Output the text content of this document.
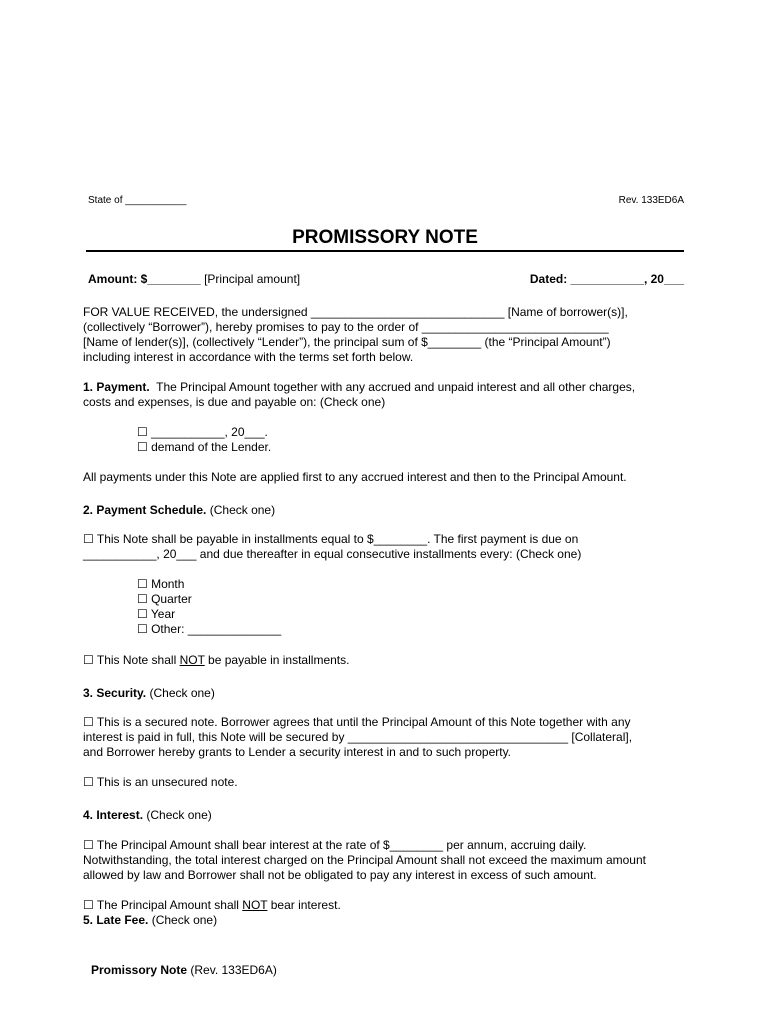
State of ___________	Rev. 133ED6A
PROMISSORY NOTE
Amount: $________ [Principal amount]	Dated: ___________, 20___

FOR VALUE RECEIVED, the undersigned _____________________________ [Name of borrower(s)],

(collectively “Borrower”), hereby promises to pay to the order of ____________________________

[Name of lender(s)], (collectively “Lender”), the principal sum of $________ (the “Principal Amount”)

including interest in accordance with the terms set forth below.

1. Payment. The Principal Amount together with any accrued and unpaid interest and all other charges,

costs and expenses, is due and payable on: (Check one)

☐ ___________, 20___.

☐ demand of the Lender.

All payments under this Note are applied first to any accrued interest and then to the Principal Amount.

2. Payment Schedule. (Check one)

☐ This Note shall be payable in installments equal to $________. The first payment is due on

___________, 20___ and due thereafter in equal consecutive installments every: (Check one)

☐ Month

☐ Quarter

☐ Year

☐ Other: ______________

☐ This Note shall NOT be payable in installments.

3. Security. (Check one)

☐ This is a secured note. Borrower agrees that until the Principal Amount of this Note together with any

interest is paid in full, this Note will be secured by _________________________________ [Collateral],

and Borrower hereby grants to Lender a security interest in and to such property.

☐ This is an unsecured note.

4. Interest. (Check one)

☐ The Principal Amount shall bear interest at the rate of $________ per annum, accruing daily.

Notwithstanding, the total interest charged on the Principal Amount shall not exceed the maximum amount

allowed by law and Borrower shall not be obligated to pay any interest in excess of such amount.

☐ The Principal Amount shall NOT bear interest.

5. Late Fee. (Check one)

Promissory Note (Rev. 133ED6A)
